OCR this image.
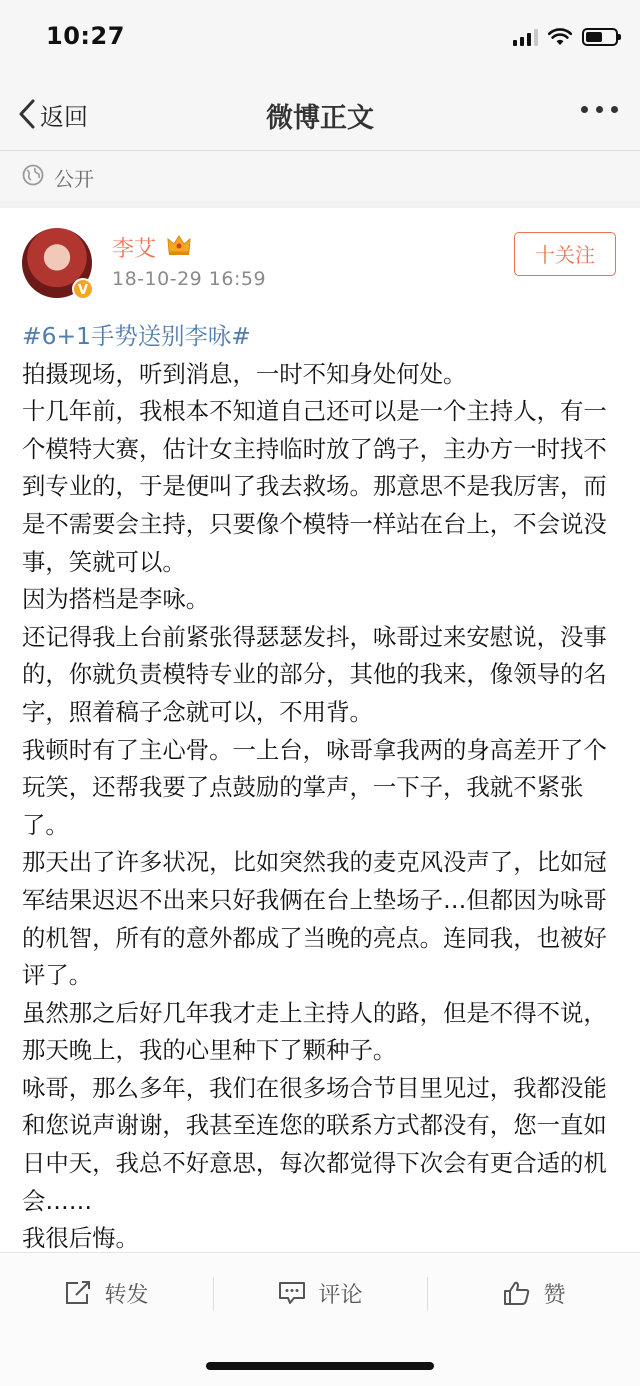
10:27
返回	微博正文
公开
V
李艾
18-10-29 16:59
十关注

#6+1手势送别李咏#

拍摄现场，听到消息，一时不知身处何处。

十几年前，我根本不知道自己还可以是一个主持人，有一个模特大赛，估计女主持临时放了鸽子，主办方一时找不到专业的，于是便叫了我去救场。那意思不是我厉害，而是不需要会主持，只要像个模特一样站在台上，不会说没事，笑就可以。

因为搭档是李咏。

还记得我上台前紧张得瑟瑟发抖，咏哥过来安慰说，没事的，你就负责模特专业的部分，其他的我来，像领导的名字，照着稿子念就可以，不用背。

我顿时有了主心骨。一上台，咏哥拿我两的身高差开了个玩笑，还帮我要了点鼓励的掌声，一下子，我就不紧张了。

那天出了许多状况，比如突然我的麦克风没声了，比如冠军结果迟迟不出来只好我俩在台上垫场子…但都因为咏哥的机智，所有的意外都成了当晚的亮点。连同我，也被好评了。

虽然那之后好几年我才走上主持人的路，但是不得不说，那天晚上，我的心里种下了颗种子。

咏哥，那么多年，我们在很多场合节目里见过，我都没能和您说声谢谢，我甚至连您的联系方式都没有，您一直如日中天，我总不好意思，每次都觉得下次会有更合适的机会……

我很后悔。

转发	评论	赞
